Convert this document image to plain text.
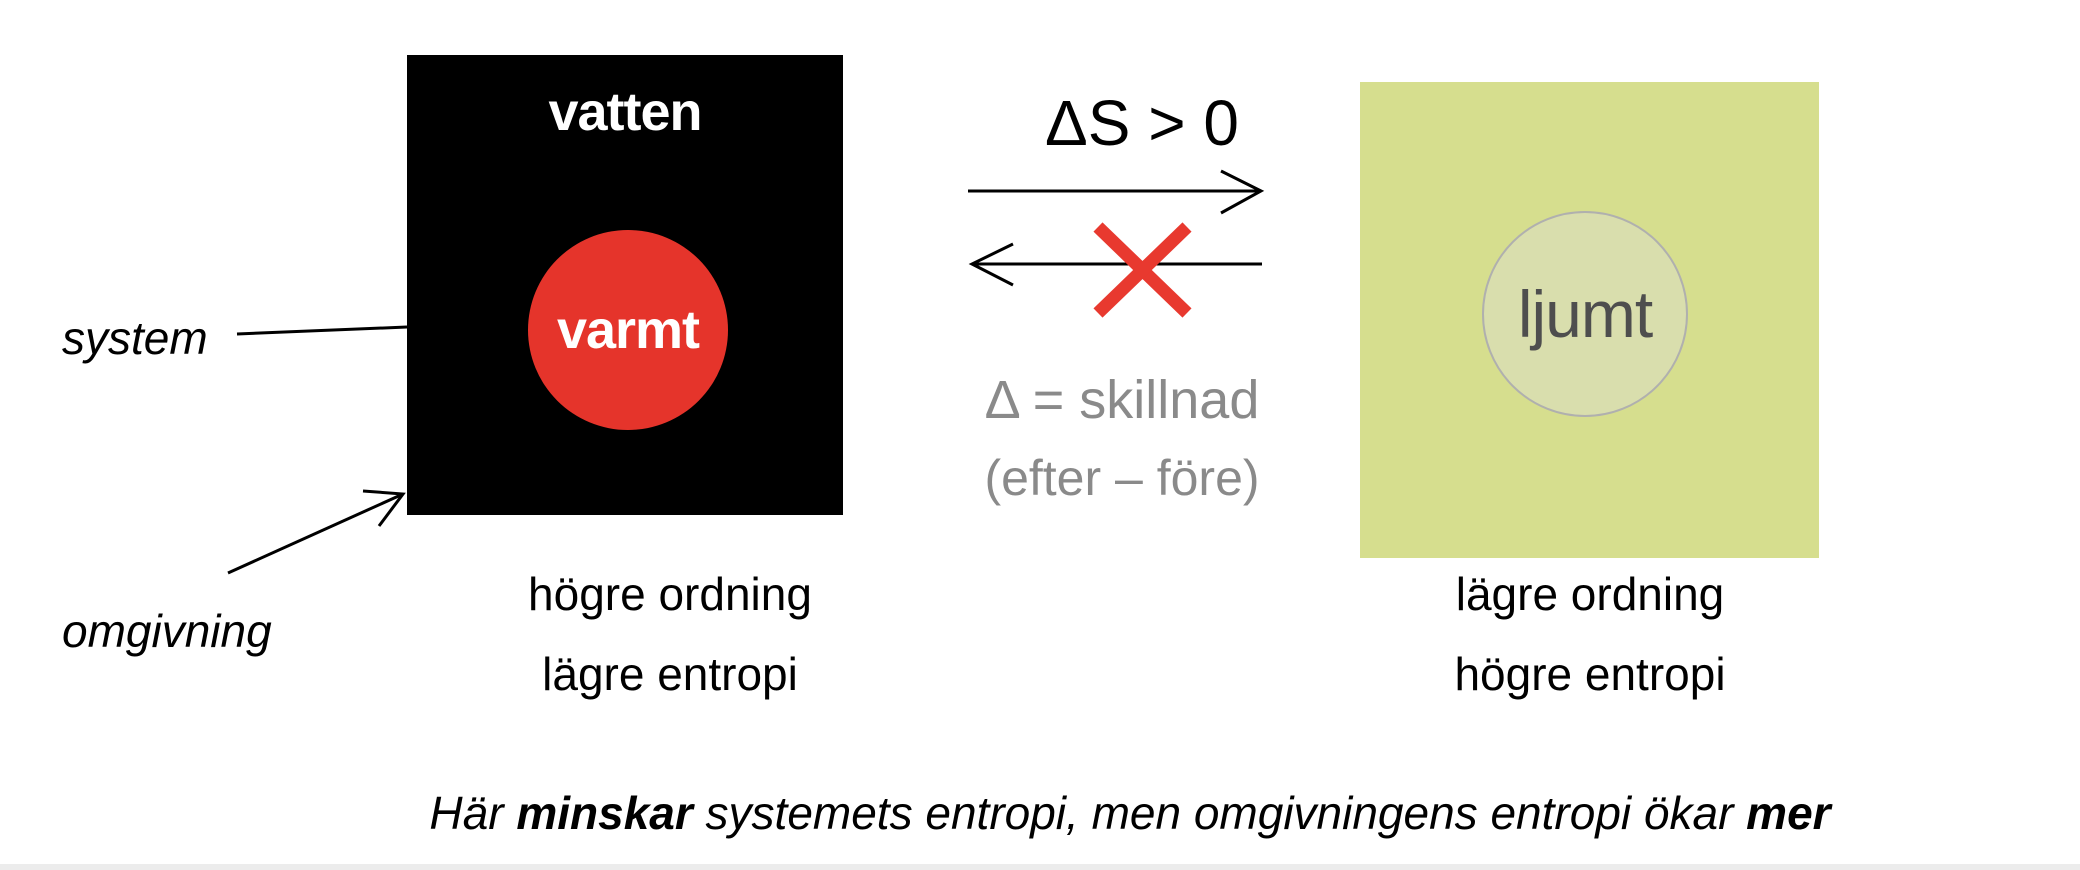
vatten
varmt	ljumt
system
omgivning
ΔS > 0
Δ = skillnad
(efter – före)
högre ordning
lägre entropi
lägre ordning
högre entropi
Här minskar systemets entropi, men omgivningens entropi ökar mer
